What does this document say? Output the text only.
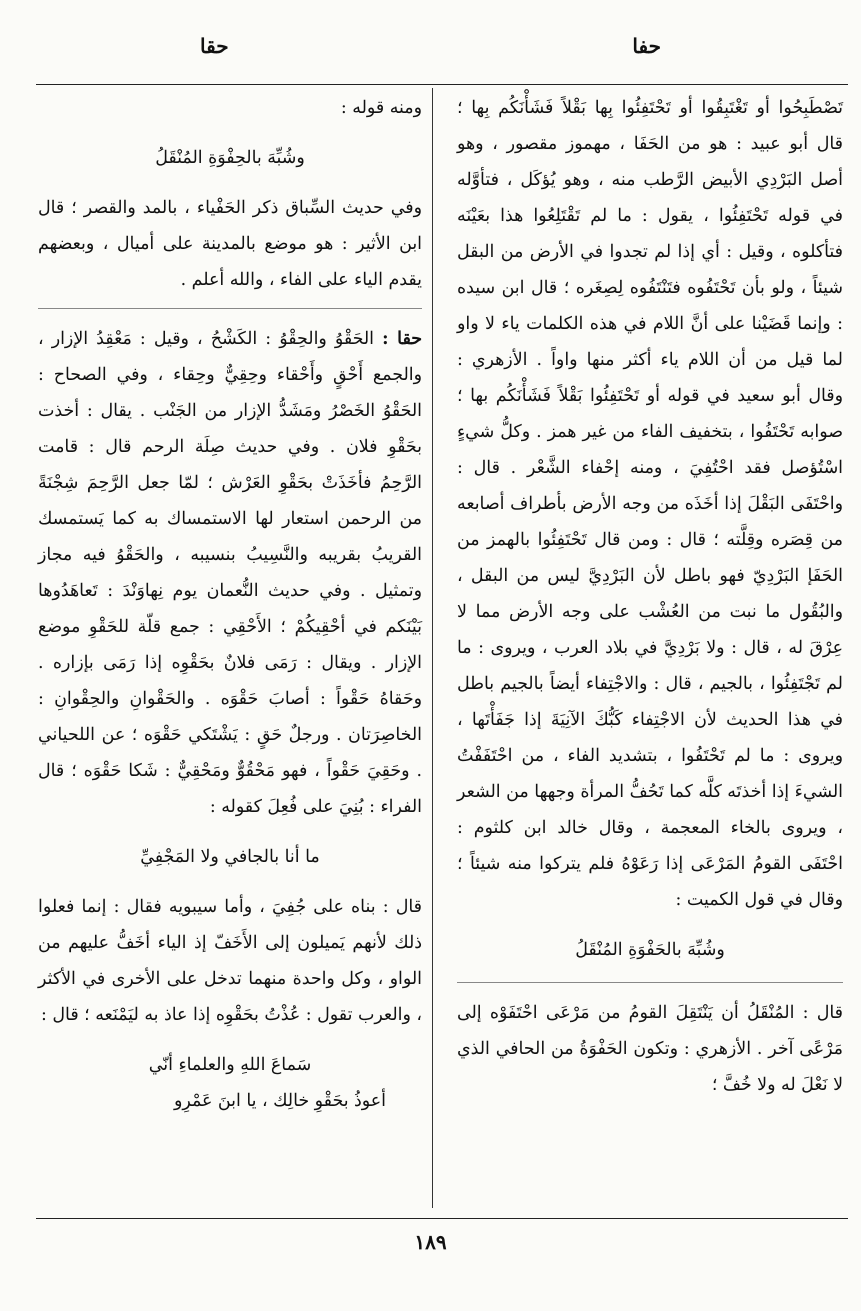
حفا
حقا

تَصْطَبِحُوا أو تَغْتَبِقُوا أو تَحْتَفِئُوا بِها بَقْلاً فَشَأْنَكُم بِها ؛ قال أبو عبيد : هو من الحَفَا ، مهموز مقصور ، وهو أصل البَرْدِي الأبيض الرَّطب منه ، وهو يُؤكَل ، فتأوَّله في قوله تَحْتَفِئُوا ، يقول : ما لم تَقْتَلِعُوا هذا بعَيْنَه فتأكلوه ، وقيل : أي إذا لم تجدوا في الأرض من البقل شيئاً ، ولو بأن تَحْتَفُوه فتَنْتَفُوه لِصِغَره ؛ قال ابن سيده : وإنما قَضَيْنا على أنَّ اللام في هذه الكلمات ياء لا واو لما قيل من أن اللام ياء أكثر منها واواً . الأزهري : وقال أبو سعيد في قوله أو تَحْتَفِئُوا بَقْلاً فَشَأْنَكُم بها ؛ صوابه تَحْتَفُوا ، بتخفيف الفاء من غير همز . وكلُّ شيءٍ اسْتُؤصل فقد احْتُفِيَ ، ومنه إحْفاء الشَّعْر . قال : واحْتَفَى البَقْلَ إذا أخَذَه من وجه الأرض بأطراف أصابعه من قِصَره وقِلَّته ؛ قال : ومن قال تَحْتَفِئُوا بالهمز من الحَفَإ البَرْدِيّ فهو باطل لأن البَرْدِيَّ ليس من البقل ، والبُقُول ما نبت من العُشْب على وجه الأرض مما لا عِرْقَ له ، قال : ولا بَرْدِيَّ في بلاد العرب ، ويروى : ما لم تَجْتَفِئُوا ، بالجيم ، قال : والاجْتِفاء أيضاً بالجيم باطل في هذا الحديث لأن الاجْتِفاء كَبُّكَ الآنِيَةَ إذا جَفَأْتَها ، ويروى : ما لم تَحْتَفُوا ، بتشديد الفاء ، من احْتَفَفْتُ الشيءَ إذا أخذتَه كلَّه كما تَحُفُّ المرأة وجهها من الشعر ، ويروى بالخاء المعجمة ، وقال خالد ابن كلثوم : احْتَفَى القومُ المَرْعَى إذا رَعَوْهُ فلم يتركوا منه شيئاً ؛ وقال في قول الكميت :

وشُبِّهَ بالحَفْوَةِ المُنْقَلُ

قال : المُنْقَلُ أن يَنْتَقِلَ القومُ من مَرْعَى احْتَفَوْه إلى مَرْعًى آخر . الأزهري : وتكون الحَفْوَةُ من الحافي الذي لا نَعْلَ له ولا خُفَّ ؛

ومنه قوله :

وشُبِّهَ بالحِفْوَةِ المُنْقَلُ

وفي حديث السِّباق ذكر الحَفْياء ، بالمد والقصر ؛ قال ابن الأثير : هو موضع بالمدينة على أميال ، وبعضهم يقدم الياء على الفاء ، والله أعلم .

حقا : الحَقْوُ والحِقْوُ : الكَشْحُ ، وقيل : مَعْقِدُ الإزار ، والجمع أَحْقٍ وأَحْقاء وحِقِيٌّ وحِقاء ، وفي الصحاح : الحَقْوُ الخَصْرُ ومَشَدُّ الإزار من الجَنْب . يقال : أخذت بحَقْوِ فلان . وفي حديث صِلَة الرحم قال : قامت الرَّحِمُ فأخَذَتْ بحَقْوِ العَرْش ؛ لمّا جعل الرَّحِمَ شِجْنَةً من الرحمن استعار لها الاستمساك به كما يَستمسك القريبُ بقريبه والنَّسِيبُ بنسيبه ، والحَقْوُ فيه مجاز وتمثيل . وفي حديث النُّعمان يوم نِهاوَنْدَ : تَعاهَدُوها بَيْنَكم في أحْقِيكُمْ ؛ الأَحْقِي : جمع قلّة للحَقْوِ موضع الإزار . ويقال : رَمَى فلانٌ بحَقْوِه إذا رَمَى بإزاره . وحَقاهُ حَقْواً : أصابَ حَقْوَه . والحَقْوانِ والحِقْوانِ : الخاصِرَتان . ورجلٌ حَقٍ : يَشْتَكي حَقْوَه ؛ عن اللحياني . وحَقِيَ حَقْواً ، فهو مَحْقُوٌّ ومَحْقِيٌّ : شَكا حَقْوَه ؛ قال الفراء : بُنِيَ على فُعِلَ كقوله :

ما أنا بالجافي ولا المَجْفِيِّ

قال : بناه على جُفِيَ ، وأما سيبويه فقال : إنما فعلوا ذلك لأنهم يَميلون إلى الأَخَفّ إذ الياء أخَفُّ عليهم من الواو ، وكل واحدة منهما تدخل على الأخرى في الأكثر ، والعرب تقول : عُذْتُ بحَقْوِه إذا عاذ به ليَمْنَعه ؛ قال :

سَماعَ اللهِ والعلماءِ أنّي

أعوذُ بحَقْوِ خالِك ، يا ابنَ عَمْرِو

١٨٩
